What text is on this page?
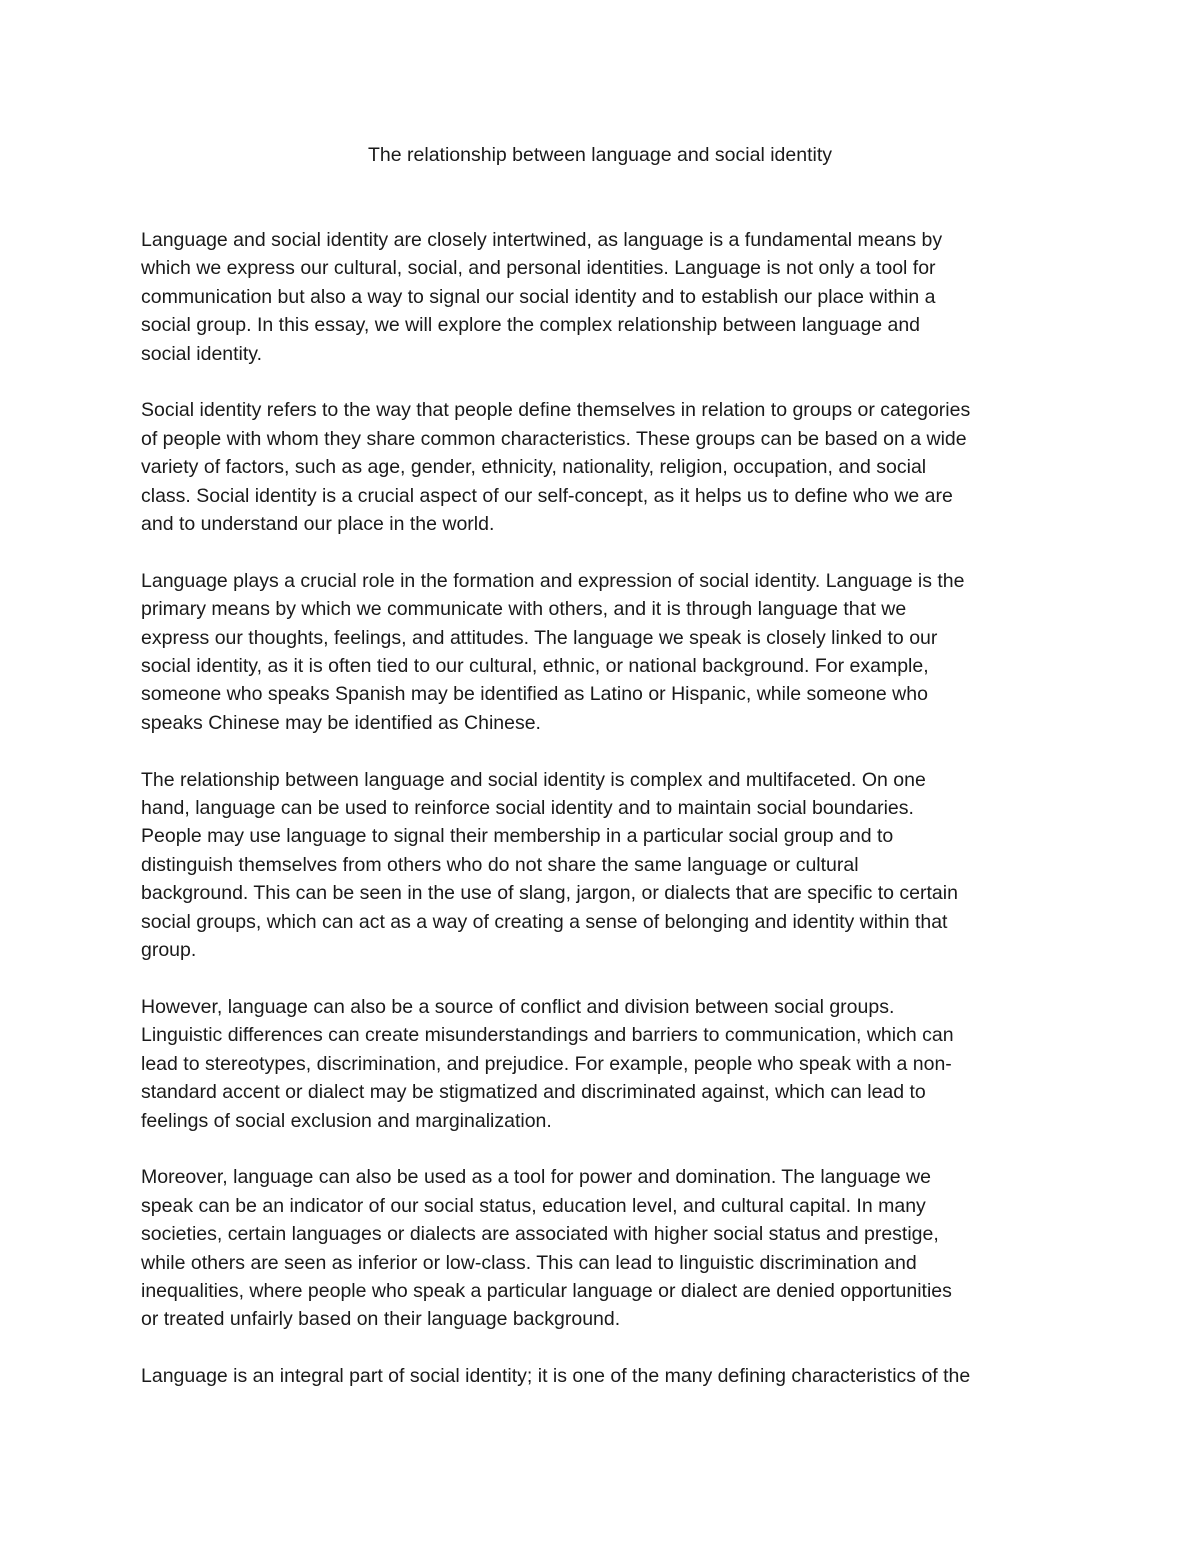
The relationship between language and social identity

Language and social identity are closely intertwined, as language is a fundamental means by
which we express our cultural, social, and personal identities. Language is not only a tool for
communication but also a way to signal our social identity and to establish our place within a
social group. In this essay, we will explore the complex relationship between language and
social identity.

Social identity refers to the way that people define themselves in relation to groups or categories
of people with whom they share common characteristics. These groups can be based on a wide
variety of factors, such as age, gender, ethnicity, nationality, religion, occupation, and social
class. Social identity is a crucial aspect of our self-concept, as it helps us to define who we are
and to understand our place in the world.

Language plays a crucial role in the formation and expression of social identity. Language is the
primary means by which we communicate with others, and it is through language that we
express our thoughts, feelings, and attitudes. The language we speak is closely linked to our
social identity, as it is often tied to our cultural, ethnic, or national background. For example,
someone who speaks Spanish may be identified as Latino or Hispanic, while someone who
speaks Chinese may be identified as Chinese.

The relationship between language and social identity is complex and multifaceted. On one
hand, language can be used to reinforce social identity and to maintain social boundaries.
People may use language to signal their membership in a particular social group and to
distinguish themselves from others who do not share the same language or cultural
background. This can be seen in the use of slang, jargon, or dialects that are specific to certain
social groups, which can act as a way of creating a sense of belonging and identity within that
group.

However, language can also be a source of conflict and division between social groups.
Linguistic differences can create misunderstandings and barriers to communication, which can
lead to stereotypes, discrimination, and prejudice. For example, people who speak with a non-
standard accent or dialect may be stigmatized and discriminated against, which can lead to
feelings of social exclusion and marginalization.

Moreover, language can also be used as a tool for power and domination. The language we
speak can be an indicator of our social status, education level, and cultural capital. In many
societies, certain languages or dialects are associated with higher social status and prestige,
while others are seen as inferior or low-class. This can lead to linguistic discrimination and
inequalities, where people who speak a particular language or dialect are denied opportunities
or treated unfairly based on their language background.

Language is an integral part of social identity; it is one of the many defining characteristics of the
